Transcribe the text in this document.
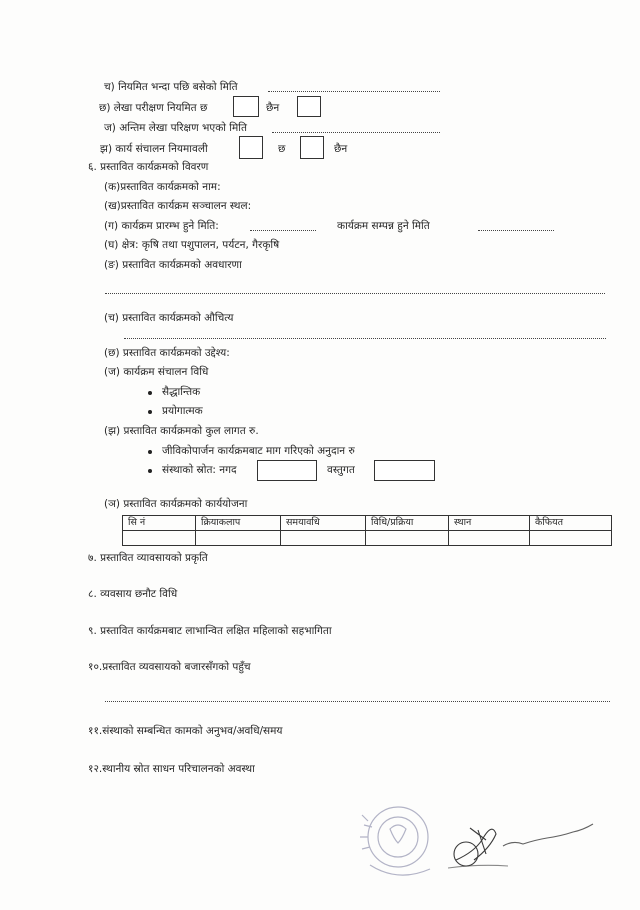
च) नियमित भन्दा पछि बसेको मिति
छ) लेखा परीक्षण नियमित छ	छैन
ज) अन्तिम लेखा परिक्षण भएको मिति
झ) कार्य संचालन नियमावली	छ	छैन
६. प्रस्तावित कार्यक्रमको विवरण
(क)प्रस्तावित कार्यक्रमको नाम:
(ख)प्रस्तावित कार्यक्रम सञ्चालन स्थल:
(ग) कार्यक्रम प्रारम्भ हुने मिति:	कार्यक्रम सम्पन्न हुने मिति
(घ) क्षेत्र: कृषि तथा पशुपालन, पर्यटन, गैरकृषि
(ङ) प्रस्तावित कार्यक्रमको अवधारणा
(च) प्रस्तावित कार्यक्रमको औचित्य
(छ) प्रस्तावित कार्यक्रमको उद्देश्य:
(ज) कार्यक्रम संचालन विधि
सैद्धान्तिक
प्रयोगात्मक
(झ) प्रस्तावित कार्यक्रमको कुल लागत रु.
जीविकोपार्जन कार्यक्रमबाट माग गरिएको अनुदान रु
संस्थाको स्रोत: नगद	वस्तुगत
(ञ) प्रस्तावित कार्यक्रमको कार्ययोजना
सि नं	क्रियाकलाप	समयावधि	विधि/प्रक्रिया	स्थान	कैफियत

७. प्रस्तावित व्यावसायको प्रकृति
८. व्यवसाय छनौट विधि
९. प्रस्तावित कार्यक्रमबाट लाभान्वित लक्षित महिलाको सहभागिता
१०.प्रस्तावित व्यवसायको बजारसँगको पहुँच
११.संस्थाको सम्बन्धित कामको अनुभव/अवधि/समय
१२.स्थानीय स्रोत साधन परिचालनको अवस्था
